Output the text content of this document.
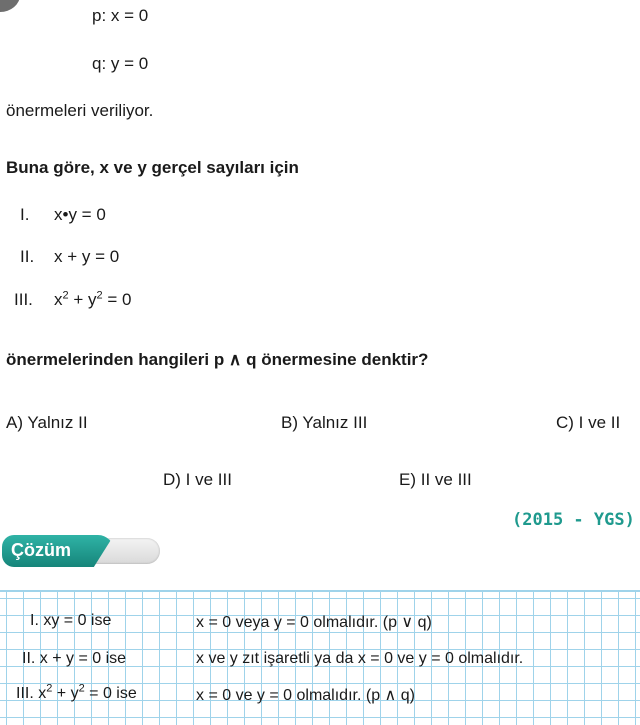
p: x = 0
q: y = 0
önermeleri veriliyor.
Buna göre, x ve y gerçel sayıları için
I. x•y = 0
II. x + y = 0
III. $x^2 + y^2 = 0$
önermelerinden hangileri p ∧ q önermesine denktir?
A) Yalnız II	B) Yalnız III	C) I ve II
D) I ve III	E) II ve III
(2015 - YGS)
Çözüm
I. xy = 0 ise	x = 0 veya y = 0 olmalıdır. (p ∨ q)
II. x + y = 0 ise	x ve y zıt işaretli ya da x = 0 ve y = 0 olmalıdır.
III. $x^2 + y^2 = 0$ ise	x = 0 ve y = 0 olmalıdır. (p ∧ q)
